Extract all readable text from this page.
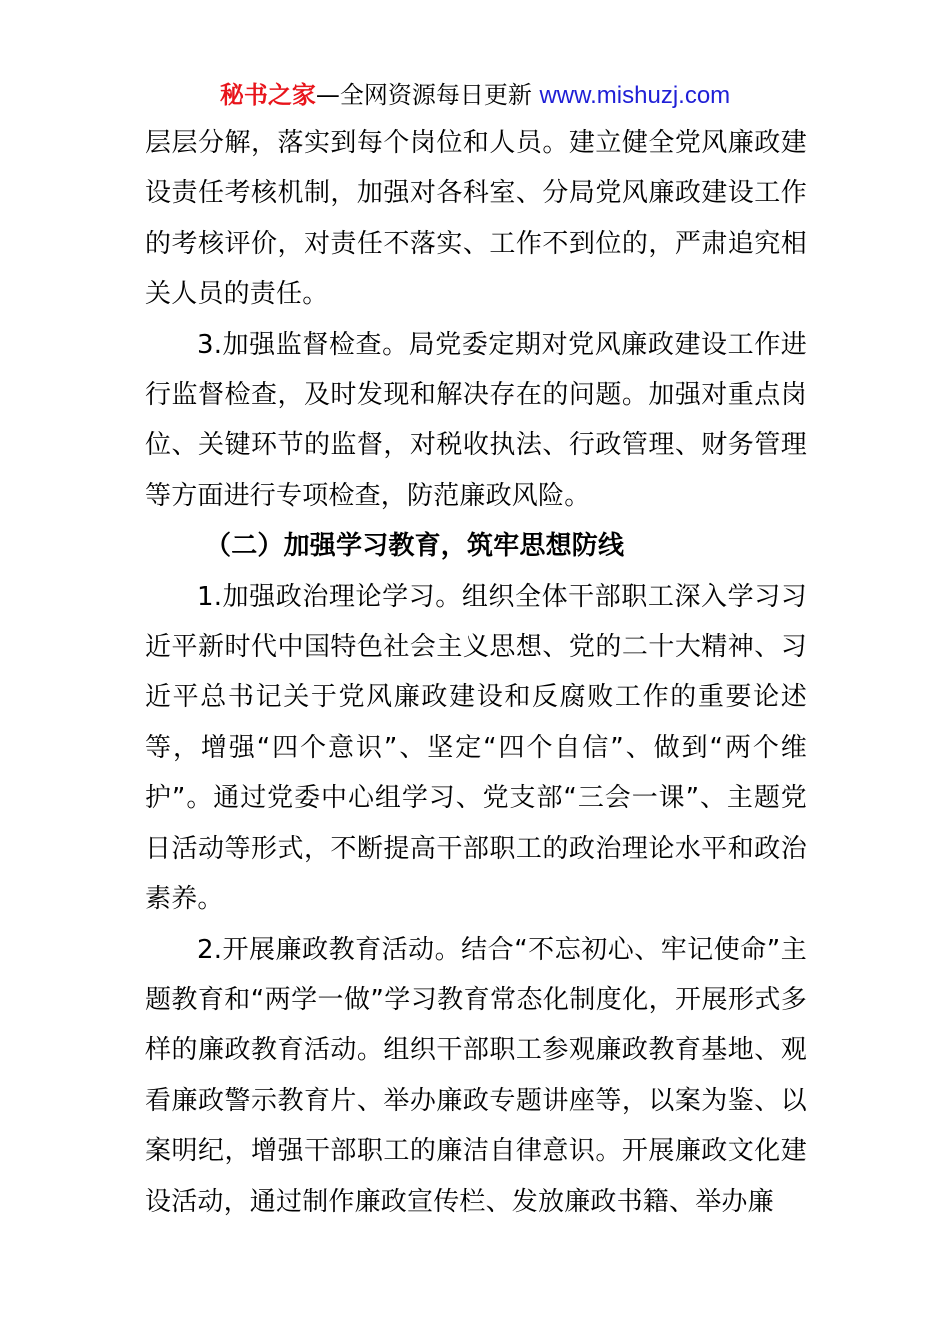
秘书之家—全网资源每日更新 www.mishuzj.com

层层分解，落实到每个岗位和人员。建立健全党风廉政建设责任考核机制，加强对各科室、分局党风廉政建设工作的考核评价，对责任不落实、工作不到位的，严肃追究相关人员的责任。

3.加强监督检查。局党委定期对党风廉政建设工作进行监督检查，及时发现和解决存在的问题。加强对重点岗位、关键环节的监督，对税收执法、行政管理、财务管理等方面进行专项检查，防范廉政风险。

（二）加强学习教育，筑牢思想防线

1.加强政治理论学习。组织全体干部职工深入学习习近平新时代中国特色社会主义思想、党的二十大精神、习近平总书记关于党风廉政建设和反腐败工作的重要论述等，增强“四个意识”、坚定“四个自信”、做到“两个维护”。通过党委中心组学习、党支部“三会一课”、主题党日活动等形式，不断提高干部职工的政治理论水平和政治素养。

2.开展廉政教育活动。结合“不忘初心、牢记使命”主题教育和“两学一做”学习教育常态化制度化，开展形式多样的廉政教育活动。组织干部职工参观廉政教育基地、观看廉政警示教育片、举办廉政专题讲座等，以案为鉴、以案明纪，增强干部职工的廉洁自律意识。开展廉政文化建设活动，通过制作廉政宣传栏、发放廉政书籍、举办廉
